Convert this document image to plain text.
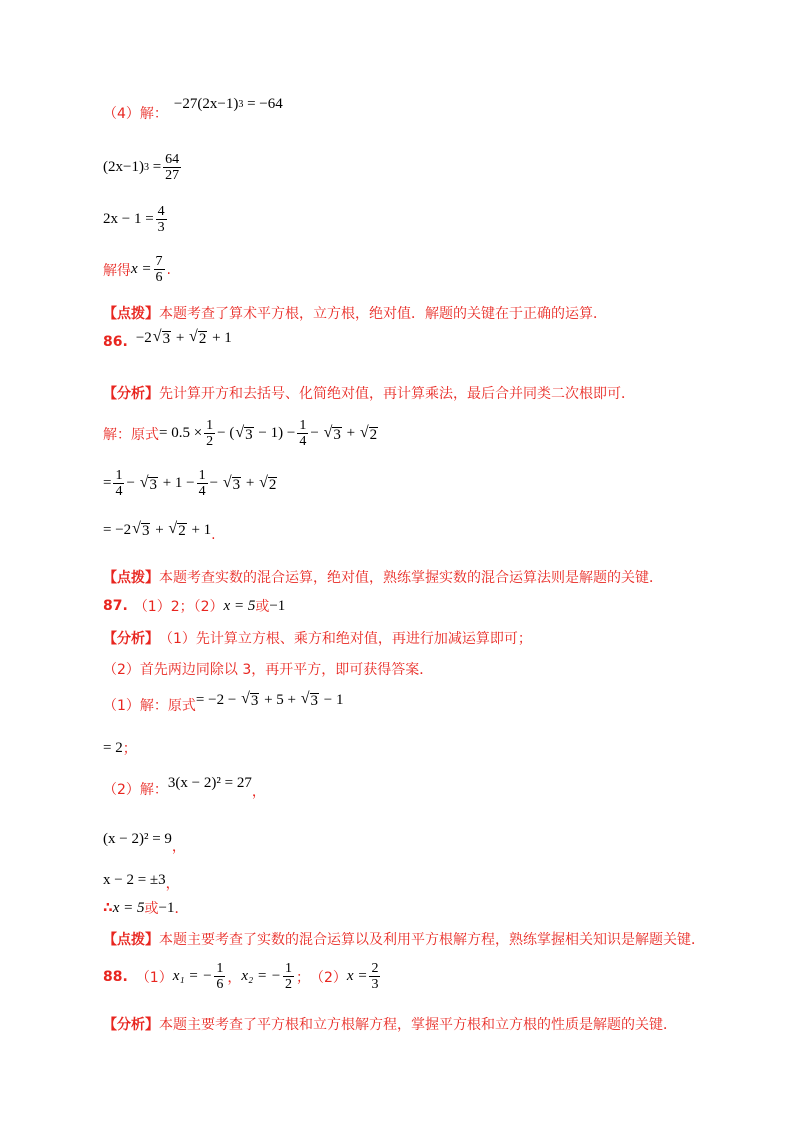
（4）解：
−27(2x−1) 3
= −64
(2x−1) $3 = \frac{64}{27}$
$2x - 1 = \frac{4}{3}$
解得 $x = \frac{7}{6}$ .
【点拨】 本题考查了算术平方根，立方根，绝对值．解题的关键在于正确的运算．
86. −2 √ 3 + √ 2 + 1
【分析】 先计算开方和去括号、化简绝对值，再计算乘法，最后合并同类二次根即可．
解：原式 = $0.5 \times \frac{1}{2}$ − ( √ $3 - 1) - \frac{1}{4}$ − √ 3 + √ 2
= $\frac{1}{4}$ − √ $3 + 1 - \frac{1}{4}$ − √ 3 + √ 2
= −2 √ 3 + √ 2 + 1 .
【点拨】 本题考查实数的混合运算，绝对值，熟练掌握实数的混合运算法则是解题的关键．
87. （1）2；（2） x = 5 或 −1
【分析】 （1）先计算立方根、乘方和绝对值，再进行加减运算即可；
（2）首先两边同除以 3，再开平方，即可获得答案．
（1）解：原式 = −2 − √ 3 + 5 + √ 3 − 1
= 2 ；
（2）解： 3(x − 2)² = 27
，
(x − 2)² = 9
，
x − 2 = ±3 ，
∴ x = 5 或 −1 ．
【点拨】 本题主要考查了实数的混合运算以及利用平方根解方程，熟练掌握相关知识是解题关键．
88. （1） x₁ = − $\frac{1}{6}$ ， x₂ = − $\frac{1}{2}$ ； （2） $x = \frac{2}{3}$
【分析】 本题主要考查了平方根和立方根解方程，掌握平方根和立方根的性质是解题的关键．
